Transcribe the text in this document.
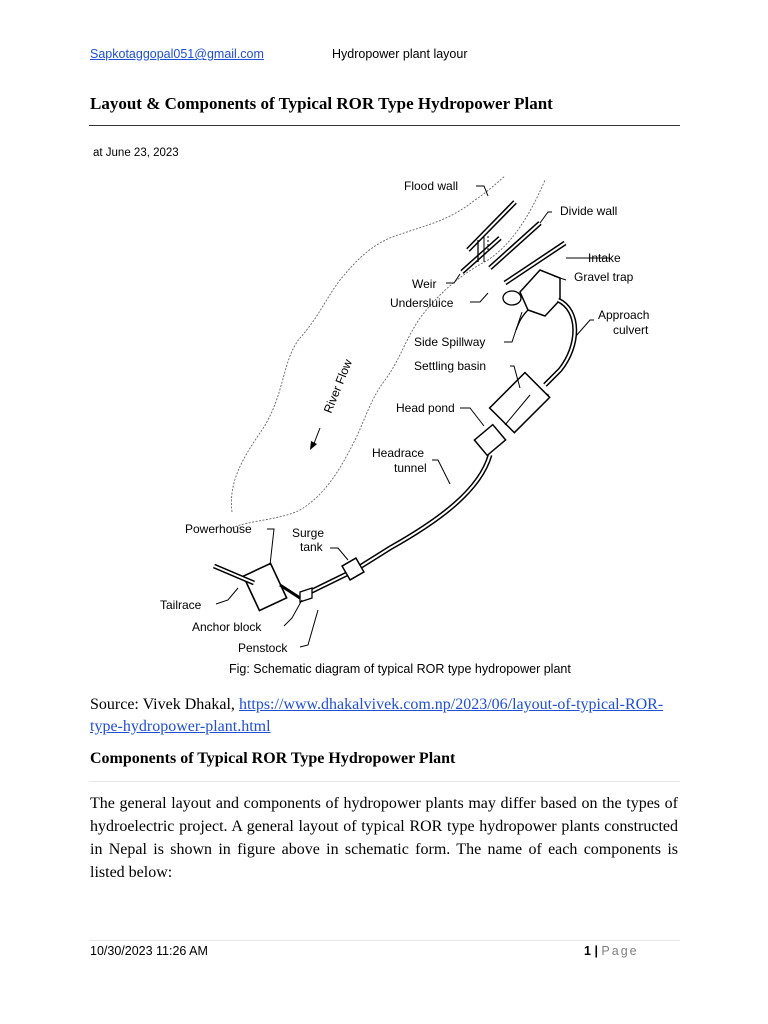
Sapkotaggopal051@gmail.com	Hydropower plant layour
Layout & Components of Typical ROR Type Hydropower Plant
at June 23, 2023
Flood wall
Divide wall
Intake
Gravel trap
Weir
Undersluice
Approach
culvert
Side Spillway
Settling basin
Head pond
Headrace
tunnel
Powerhouse	Surge
tank
Tailrace
Anchor block
Penstock
River Flow
Fig: Schematic diagram of typical ROR type hydropower plant
Source: Vivek Dhakal, https://www.dhakalvivek.com.np/2023/06/layout-of-typical-ROR-type-hydropower-plant.html
Components of Typical ROR Type Hydropower Plant

The general layout and components of hydropower plants may differ based on the types of hydroelectric project. A general layout of typical ROR type hydropower plants constructed in Nepal is shown in figure above in schematic form. The name of each components is listed below:

10/30/2023 11:26 AM	1 | Page
